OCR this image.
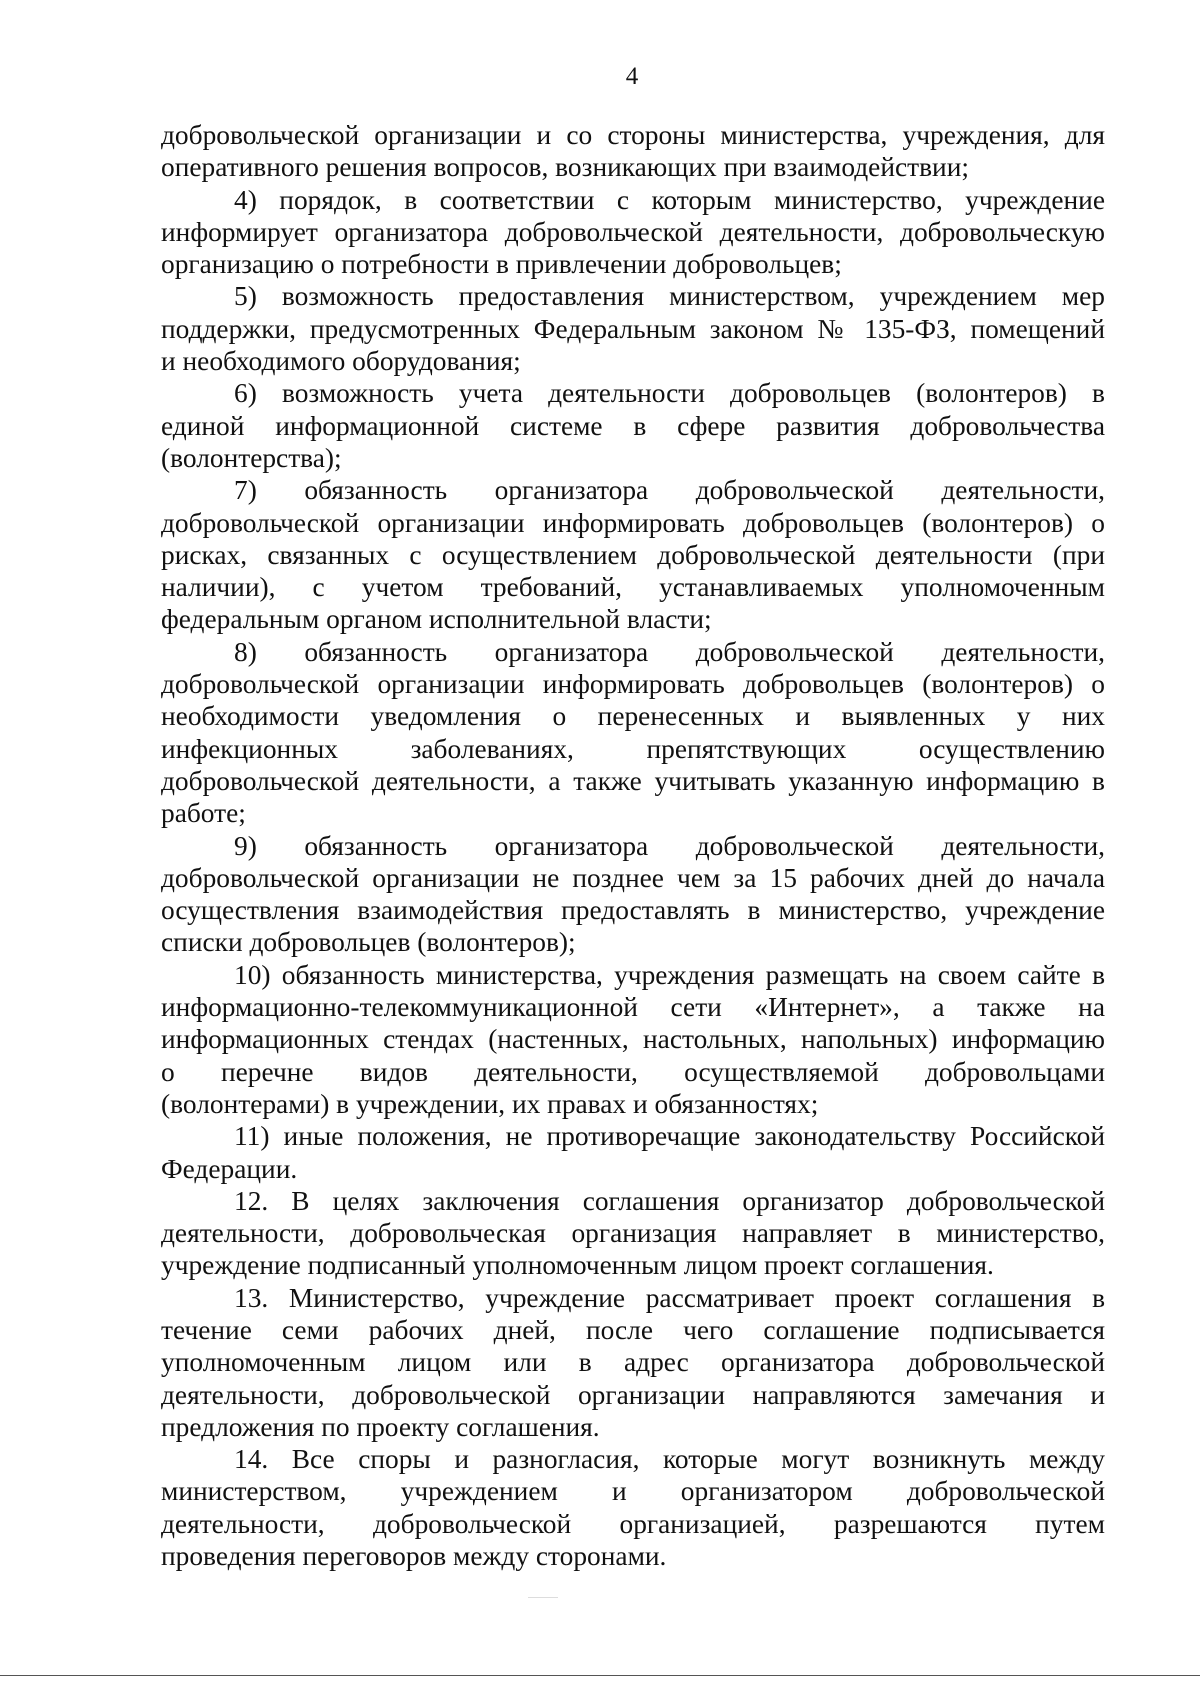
4
добровольческой организации и со стороны министерства, учреждения, для
оперативного решения вопросов, возникающих при взаимодействии;
4) порядок, в соответствии с которым министерство, учреждение
информирует организатора добровольческой деятельности, добровольческую
организацию о потребности в привлечении добровольцев;
5) возможность предоставления министерством, учреждением мер
поддержки, предусмотренных Федеральным законом № 135-ФЗ, помещений
и необходимого оборудования;
6) возможность учета деятельности добровольцев (волонтеров) в
единой информационной системе в сфере развития добровольчества
(волонтерства);
7) обязанность организатора добровольческой деятельности,
добровольческой организации информировать добровольцев (волонтеров) о
рисках, связанных с осуществлением добровольческой деятельности (при
наличии), с учетом требований, устанавливаемых уполномоченным
федеральным органом исполнительной власти;
8) обязанность организатора добровольческой деятельности,
добровольческой организации информировать добровольцев (волонтеров) о
необходимости уведомления о перенесенных и выявленных у них
инфекционных заболеваниях, препятствующих осуществлению
добровольческой деятельности, а также учитывать указанную информацию в
работе;
9) обязанность организатора добровольческой деятельности,
добровольческой организации не позднее чем за 15 рабочих дней до начала
осуществления взаимодействия предоставлять в министерство, учреждение
списки добровольцев (волонтеров);
10) обязанность министерства, учреждения размещать на своем сайте в
информационно-телекоммуникационной сети «Интернет», а также на
информационных стендах (настенных, настольных, напольных) информацию
о перечне видов деятельности, осуществляемой добровольцами
(волонтерами) в учреждении, их правах и обязанностях;
11) иные положения, не противоречащие законодательству Российской
Федерации.
12. В целях заключения соглашения организатор добровольческой
деятельности, добровольческая организация направляет в министерство,
учреждение подписанный уполномоченным лицом проект соглашения.
13. Министерство, учреждение рассматривает проект соглашения в
течение семи рабочих дней, после чего соглашение подписывается
уполномоченным лицом или в адрес организатора добровольческой
деятельности, добровольческой организации направляются замечания и
предложения по проекту соглашения.
14. Все споры и разногласия, которые могут возникнуть между
министерством, учреждением и организатором добровольческой
деятельности, добровольческой организацией, разрешаются путем
проведения переговоров между сторонами.
